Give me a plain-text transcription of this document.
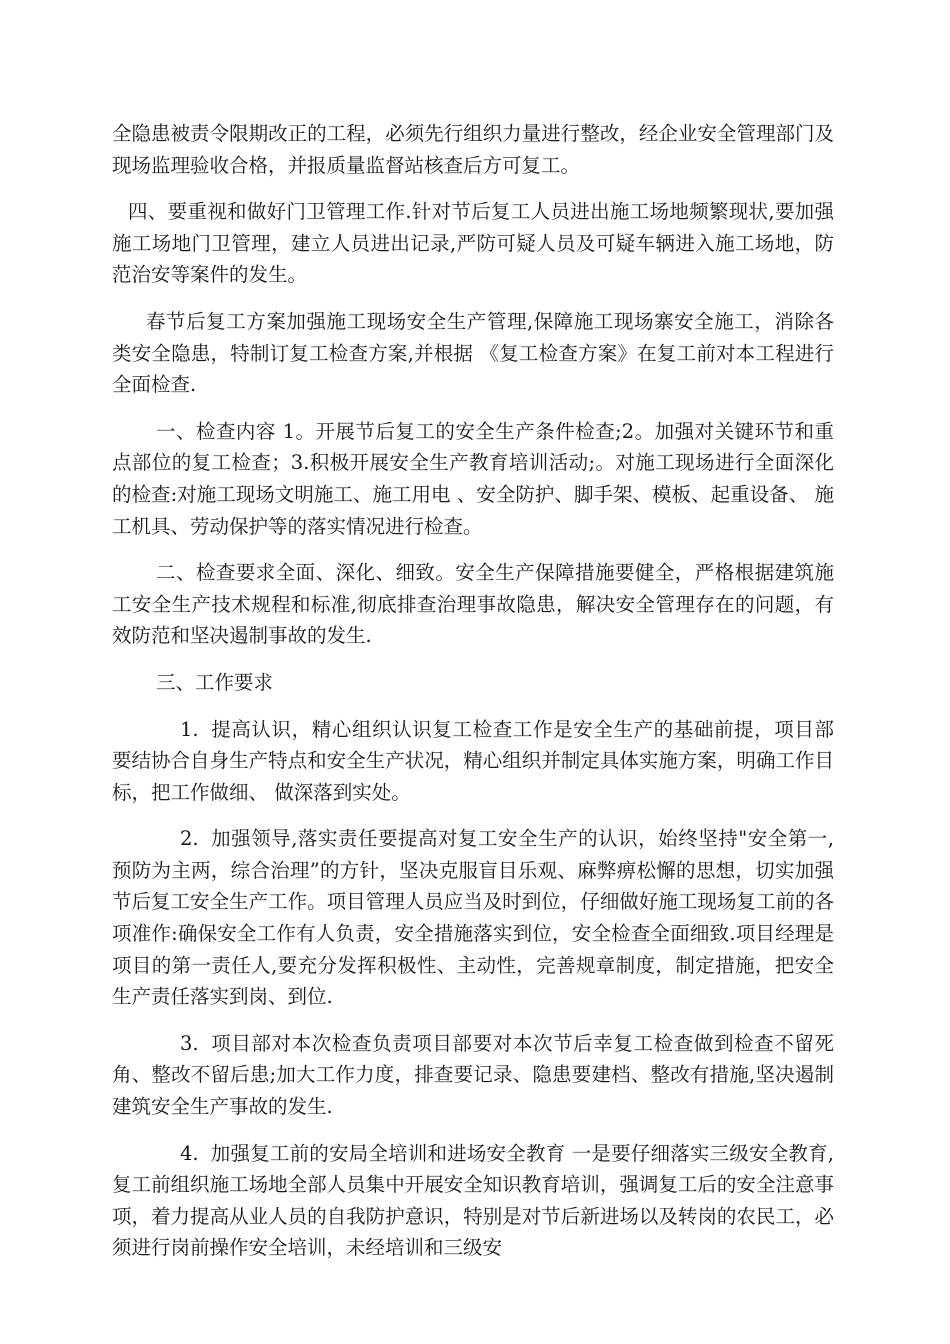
全隐患被责令限期改正的工程，必须先行组织力量进行整改，经企业安全管理部门及现场监理验收合格，并报质量监督站核查后方可复工。

四、要重视和做好门卫管理工作.针对节后复工人员进出施工场地频繁现状,要加强施工场地门卫管理，建立人员进出记录,严防可疑人员及可疑车辆进入施工场地，防范治安等案件的发生。

春节后复工方案加强施工现场安全生产管理,保障施工现场寨安全施工，消除各类安全隐患，特制订复工检查方案,并根据 《复工检查方案》在复工前对本工程进行全面检查.

一、检查内容 1。开展节后复工的安全生产条件检查;2。加强对关键环节和重点部位的复工检查；3.积极开展安全生产教育培训活动;。对施工现场进行全面深化的检查:对施工现场文明施工、施工用电 、安全防护、脚手架、模板、起重设备、 施工机具、劳动保护等的落实情况进行检查。

二、检查要求全面、深化、细致。安全生产保障措施要健全，严格根据建筑施工安全生产技术规程和标准,彻底排查治理事故隐患，解决安全管理存在的问题，有效防范和坚决遏制事故的发生.

三、工作要求

1. 提高认识，精心组织认识复工检查工作是安全生产的基础前提，项目部要结协合自身生产特点和安全生产状况，精心组织并制定具体实施方案，明确工作目标，把工作做细、 做深落到实处。

2. 加强领导,落实责任要提高对复工安全生产的认识，始终坚持"安全第一, 预防为主两，综合治理”的方针，坚决克服盲目乐观、麻弊痹松懈的思想，切实加强节后复工安全生产工作。项目管理人员应当及时到位，仔细做好施工现场复工前的各项准作:确保安全工作有人负责，安全措施落实到位，安全检查全面细致.项目经理是项目的第一责任人,要充分发挥积极性、主动性，完善规章制度，制定措施，把安全生产责任落实到岗、到位.

3. 项目部对本次检查负责项目部要对本次节后幸复工检查做到检查不留死角、整改不留后患;加大工作力度，排查要记录、隐患要建档、整改有措施,坚决遏制建筑安全生产事故的发生.

4. 加强复工前的安局全培训和进场安全教育 一是要仔细落实三级安全教育,复工前组织施工场地全部人员集中开展安全知识教育培训，强调复工后的安全注意事项，着力提高从业人员的自我防护意识，特别是对节后新进场以及转岗的农民工，必须进行岗前操作安全培训，未经培训和三级安
